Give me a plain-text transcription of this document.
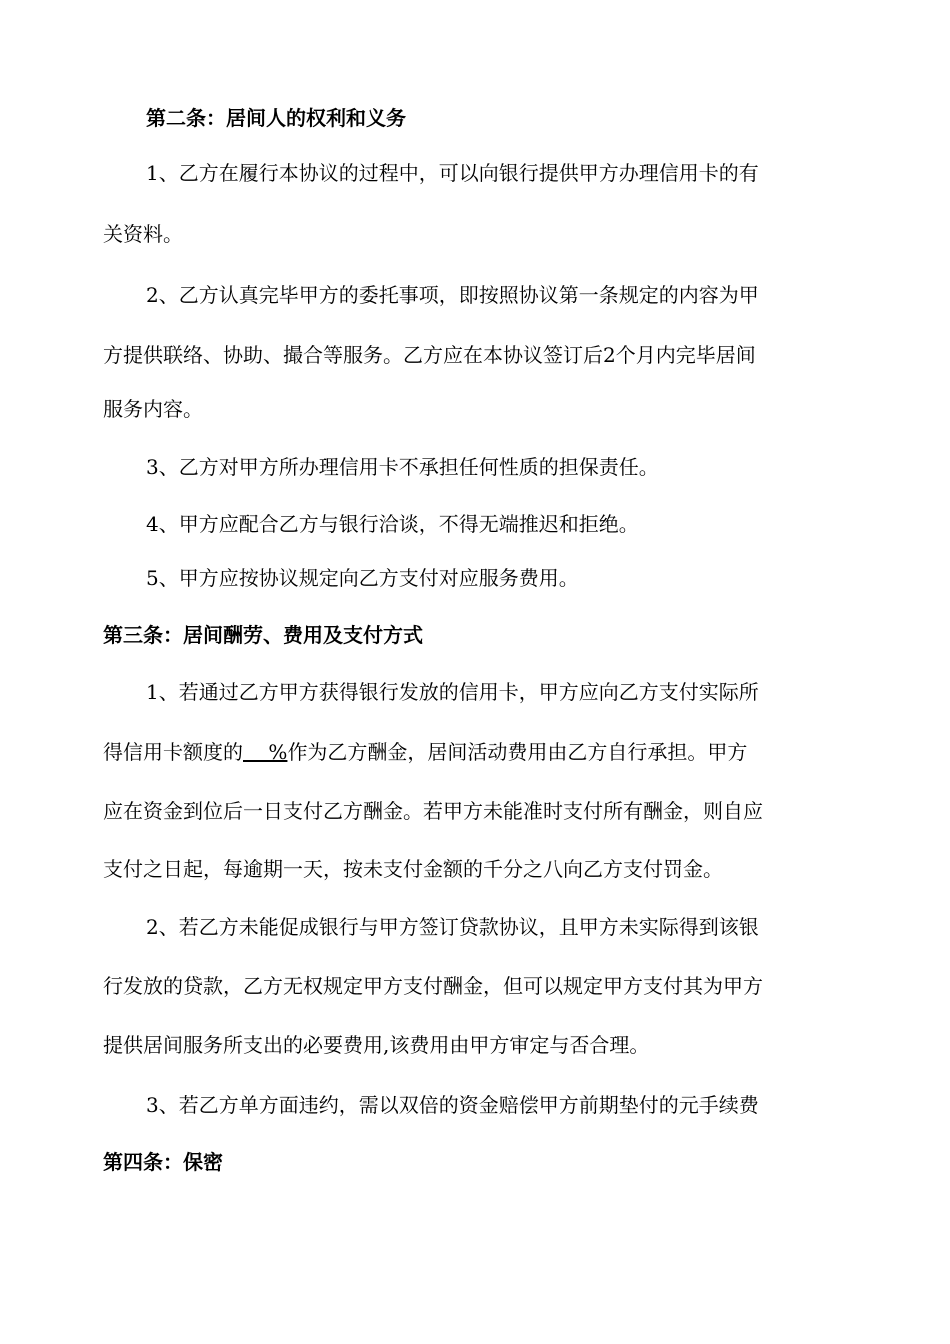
第二条：居间人的权利和义务
1、乙方在履行本协议的过程中，可以向银行提供甲方办理信用卡的有
关资料。
2、乙方认真完毕甲方的委托事项，即按照协议第一条规定的内容为甲
方提供联络、协助、撮合等服务。乙方应在本协议签订后2个月内完毕居间
服务内容。
3、乙方对甲方所办理信用卡不承担任何性质的担保责任。
4、甲方应配合乙方与银行洽谈，不得无端推迟和拒绝。
5、甲方应按协议规定向乙方支付对应服务费用。
第三条：居间酬劳、费用及支付方式
1、若通过乙方甲方获得银行发放的信用卡，甲方应向乙方支付实际所
得信用卡额度的    %作为乙方酬金，居间活动费用由乙方自行承担。甲方
应在资金到位后一日支付乙方酬金。若甲方未能准时支付所有酬金，则自应
支付之日起，每逾期一天，按未支付金额的千分之八向乙方支付罚金。
2、若乙方未能促成银行与甲方签订贷款协议，且甲方未实际得到该银
行发放的贷款，乙方无权规定甲方支付酬金，但可以规定甲方支付其为甲方
提供居间服务所支出的必要费用,该费用由甲方审定与否合理。
3、若乙方单方面违约，需以双倍的资金赔偿甲方前期垫付的元手续费
第四条：保密
